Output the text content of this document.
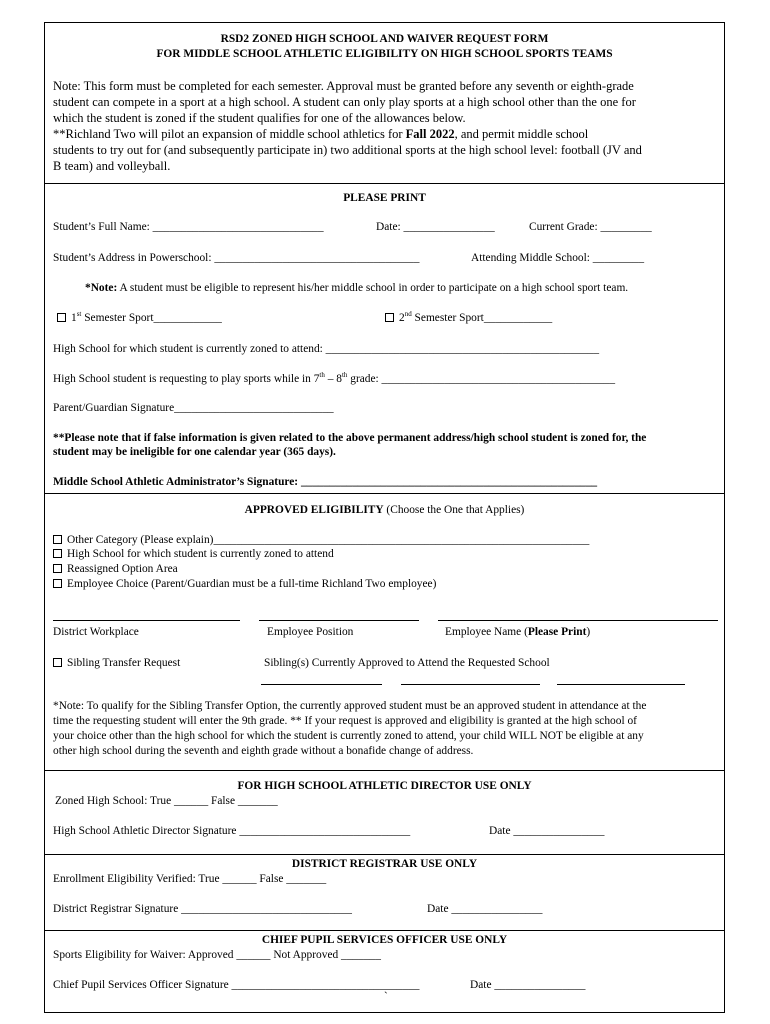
RSD2 ZONED HIGH SCHOOL AND WAIVER REQUEST FORM
FOR MIDDLE SCHOOL ATHLETIC ELIGIBILITY ON HIGH SCHOOL SPORTS TEAMS
Note: This form must be completed for each semester. Approval must be granted before any seventh or eighth-grade
student can compete in a sport at a high school. A student can only play sports at a high school other than the one for
which the student is zoned if the student qualifies for one of the allowances below.
**Richland Two will pilot an expansion of middle school athletics for Fall 2022, and permit middle school
students to try out for (and subsequently participate in) two additional sports at the high school level: football (JV and
B team) and volleyball.
PLEASE PRINT
Student’s Full Name: ______________________________	Date: ________________	Current Grade: _________
Student’s Address in Powerschool: ____________________________________	Attending Middle School: _________
*Note: A student must be eligible to represent his/her middle school in order to participate on a high school sport team.
1st Semester Sport____________	2nd Semester Sport____________
High School for which student is currently zoned to attend: ________________________________________________
High School student is requesting to play sports while in 7th – 8th grade: _________________________________________
Parent/Guardian Signature____________________________
**Please note that if false information is given related to the above permanent address/high school student is zoned for, the
student may be ineligible for one calendar year (365 days).
Middle School Athletic Administrator’s Signature: ____________________________________________________
APPROVED ELIGIBILITY (Choose the One that Applies)
Other Category (Please explain)__________________________________________________________________
High School for which student is currently zoned to attend
Reassigned Option Area
Employee Choice (Parent/Guardian must be a full-time Richland Two employee)
District Workplace	Employee Position	Employee Name (Please Print)
Sibling Transfer Request	Sibling(s) Currently Approved to Attend the Requested School
*Note: To qualify for the Sibling Transfer Option, the currently approved student must be an approved student in attendance at the
time the requesting student will enter the 9th grade. ** If your request is approved and eligibility is granted at the high school of
your choice other than the high school for which the student is currently zoned to attend, your child WILL NOT be eligible at any
other high school during the seventh and eighth grade without a bonafide change of address.
FOR HIGH SCHOOL ATHLETIC DIRECTOR USE ONLY
Zoned High School: True ______ False _______
High School Athletic Director Signature ______________________________	Date ________________
DISTRICT REGISTRAR USE ONLY
Enrollment Eligibility Verified: True ______ False _______
District Registrar Signature ______________________________	Date ________________
CHIEF PUPIL SERVICES OFFICER USE ONLY
Sports Eligibility for Waiver: Approved ______ Not Approved _______
Chief Pupil Services Officer Signature _________________________________	Date ________________
`
